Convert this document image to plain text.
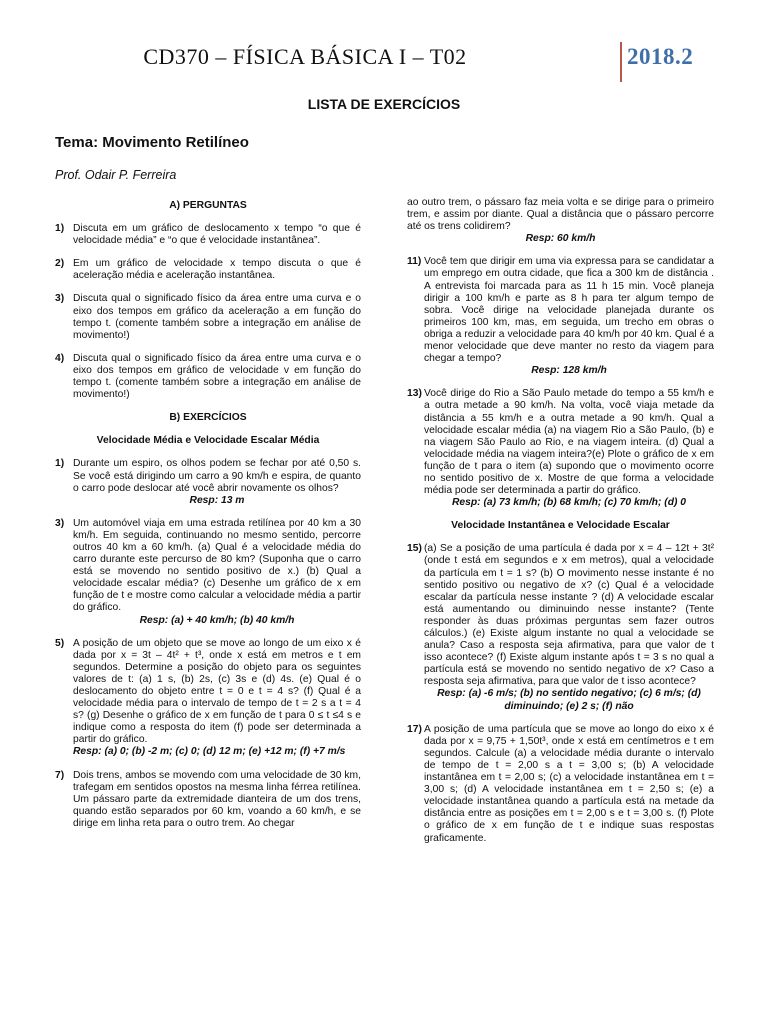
CD370 – FÍSICA BÁSICA I – T02	2018.2
LISTA DE EXERCÍCIOS
Tema: Movimento Retilíneo
Prof. Odair P. Ferreira
A) PERGUNTAS
1) Discuta em um gráfico de deslocamento x tempo “o que é velocidade média” e “o que é velocidade instantânea”.
2) Em um gráfico de velocidade x tempo discuta o que é aceleração média e aceleração instantânea.
3) Discuta qual o significado físico da área entre uma curva e o eixo dos tempos em gráfico da aceleração a em função do tempo t. (comente também sobre a integração em análise de movimento!)
4) Discuta qual o significado físico da área entre uma curva e o eixo dos tempos em gráfico de velocidade v em função do tempo t. (comente também sobre a integração em análise de movimento!)
B) EXERCÍCIOS
Velocidade Média e Velocidade Escalar Média
1) Durante um espiro, os olhos podem se fechar por até 0,50 s. Se você está dirigindo um carro a 90 km/h e espira, de quanto o carro pode deslocar até você abrir novamente os olhos?
Resp: 13 m
3) Um automóvel viaja em uma estrada retilínea por 40 km a 30 km/h. Em seguida, continuando no mesmo sentido, percorre outros 40 km a 60 km/h. (a) Qual é a velocidade média do carro durante este percurso de 80 km? (Suponha que o carro está se movendo no sentido positivo de x.) (b) Qual a velocidade escalar média? (c) Desenhe um gráfico de x em função de t e mostre como calcular a velocidade média a partir do gráfico.
Resp: (a) + 40 km/h; (b) 40 km/h
5) A posição de um objeto que se move ao longo de um eixo x é dada por x = 3t – 4t² + t³, onde x está em metros e t em segundos. Determine a posição do objeto para os seguintes valores de t: (a) 1 s, (b) 2s, (c) 3s e (d) 4s. (e) Qual é o deslocamento do objeto entre t = 0 e t = 4 s? (f) Qual é a velocidade média para o intervalo de tempo de t = 2 s a t = 4 s? (g) Desenhe o gráfico de x em função de t para 0 ≤ t ≤4 s e indique como a resposta do item (f) pode ser determinada a partir do gráfico.
Resp: (a) 0; (b) -2 m; (c) 0; (d) 12 m; (e) +12 m; (f) +7 m/s
7) Dois trens, ambos se movendo com uma velocidade de 30 km, trafegam em sentidos opostos na mesma linha férrea retilínea. Um pássaro parte da extremidade dianteira de um dos trens, quando estão separados por 60 km, voando a 60 km/h, e se dirige em linha reta para o outro trem. Ao chegar
ao outro trem, o pássaro faz meia volta e se dirige para o primeiro trem, e assim por diante. Qual a distância que o pássaro percorre até os trens colidirem?
Resp: 60 km/h
11) Você tem que dirigir em uma via expressa para se candidatar a um emprego em outra cidade, que fica a 300 km de distância . A entrevista foi marcada para as 11 h 15 min. Você planeja dirigir a 100 km/h e parte as 8 h para ter algum tempo de sobra. Você dirige na velocidade planejada durante os primeiros 100 km, mas, em seguida, um trecho em obras o obriga a reduzir a velocidade para 40 km/h por 40 km. Qual é a menor velocidade que deve manter no resto da viagem para chegar a tempo?
Resp: 128 km/h
13) Você dirige do Rio a São Paulo metade do tempo a 55 km/h e a outra metade a 90 km/h. Na volta, você viaja metade da distância a 55 km/h e a outra metade a 90 km/h. Qual a velocidade escalar média (a) na viagem Rio a São Paulo, (b) e na viagem São Paulo ao Rio, e na viagem inteira. (d) Qual a velocidade média na viagem inteira?(e) Plote o gráfico de x em função de t para o item (a) supondo que o movimento ocorre no sentido positivo de x. Mostre de que forma a velocidade média pode ser determinada a partir do gráfico.
Resp: (a) 73 km/h; (b) 68 km/h; (c) 70 km/h; (d) 0
Velocidade Instantânea e Velocidade Escalar
15) (a) Se a posição de uma partícula é dada por x = 4 – 12t + 3t² (onde t está em segundos e x em metros), qual a velocidade da partícula em t = 1 s? (b) O movimento nesse instante é no sentido positivo ou negativo de x? (c) Qual é a velocidade escalar da partícula nesse instante ? (d) A velocidade escalar está aumentando ou diminuindo nesse instante? (Tente responder às duas próximas perguntas sem fazer outros cálculos.) (e) Existe algum instante no qual a velocidade se anula? Caso a resposta seja afirmativa, para que valor de t isso acontece? (f) Existe algum instante após t = 3 s no qual a partícula está se movendo no sentido negativo de x? Caso a resposta seja afirmativa, para que valor de t isso acontece?
Resp: (a) -6 m/s; (b) no sentido negativo; (c) 6 m/s; (d) diminuindo; (e) 2 s; (f) não
17) A posição de uma partícula que se move ao longo do eixo x é dada por x = 9,75 + 1,50t³, onde x está em centímetros e t em segundos. Calcule (a) a velocidade média durante o intervalo de tempo de t = 2,00 s a t = 3,00 s; (b) A velocidade instantânea em t = 2,00 s; (c) a velocidade instantânea em t = 3,00 s; (d) A velocidade instantânea em t = 2,50 s; (e) a velocidade instantânea quando a partícula está na metade da distância entre as posições em t = 2,00 s e t = 3,00 s. (f) Plote o gráfico de x em função de t e indique suas respostas graficamente.
